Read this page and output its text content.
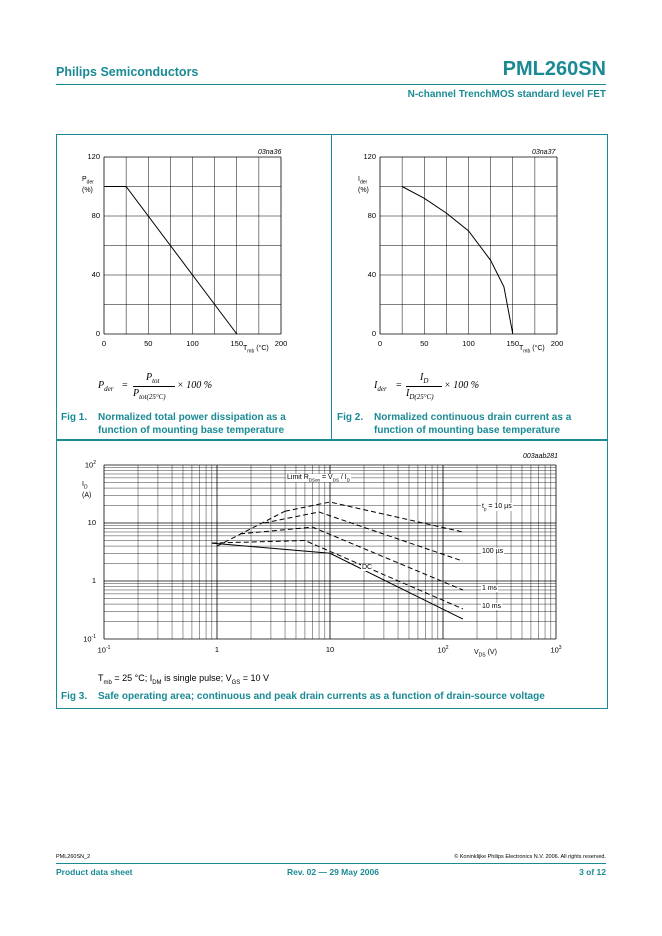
Philips Semiconductors	PML260SN
N-channel TrenchMOS standard level FET
03na36
$P_{der}$
(%)
$T_{mb}$ (°C)
0
40
80
120
0	50	100	150	200
$P_{der}$ =
$P_{tot}$
$P_{tot(25^\circ C)}$
× 100 %
Fig 1. Normalized total power dissipation as a
function of mounting base temperature
03na37
$I_{der}$
(%)
$T_{mb}$ (°C)
0
40
80
120
0	50	100	150	200
$I_{der}$ =
$I_D$
$I_{D(25^\circ C)}$
× 100 %
Fig 2. Normalized continuous drain current as a
function of mounting base temperature
003aab281
$I_D$
(A)
$V_{DS}$ (V)
$10^{-1}$
1
10
$10^2$
$10^{-1}$	1	10	$10^2$	$10^3$
Limit $R_{DSon} = V_{DS} / I_D$
$t_p = 10$ µs
100 µs
DC
1 ms
10 ms
$T_{mb} = 25$ °C; $I_{DM}$ is single pulse; $V_{GS} = 10$ V
Fig 3. Safe operating area; continuous and peak drain currents as a function of drain-source voltage
PML260SN_2	© Koninklijke Philips Electronics N.V. 2006. All rights reserved.
Product data sheet	Rev. 02 — 29 May 2006	3 of 12
